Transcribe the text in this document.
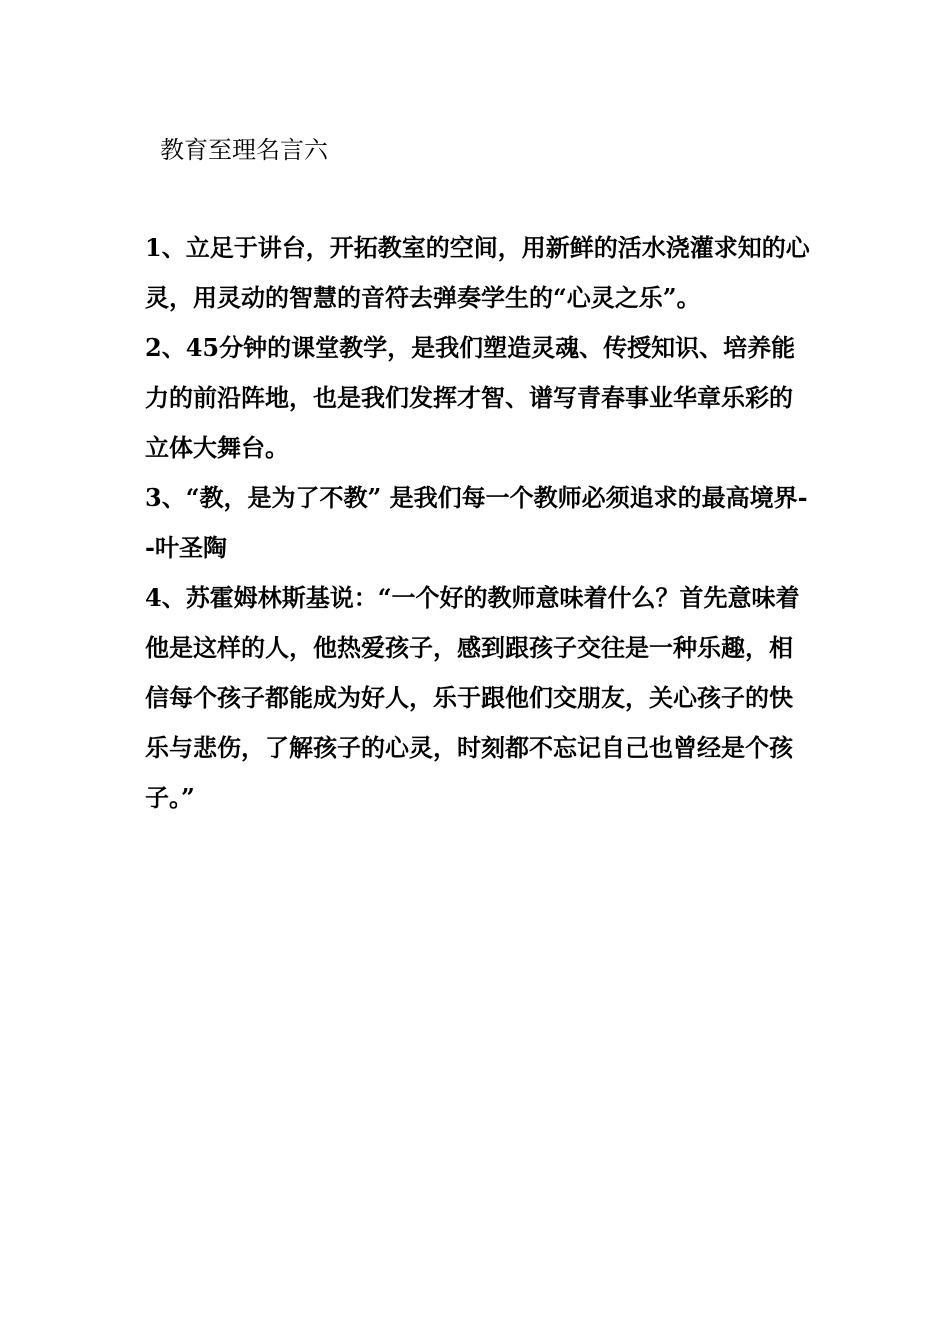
教育至理名言六

1、立足于讲台，开拓教室的空间，用新鲜的活水浇灌求知的心灵，用灵动的智慧的音符去弹奏学生的“心灵之乐”。

2、45分钟的课堂教学，是我们塑造灵魂、传授知识、培养能力的前沿阵地，也是我们发挥才智、谱写青春事业华章乐彩的立体大舞台。

3、“教，是为了不教” 是我们每一个教师必须追求的最高境界--叶圣陶

4、苏霍姆林斯基说：“一个好的教师意味着什么？首先意味着他是这样的人，他热爱孩子，感到跟孩子交往是一种乐趣，相信每个孩子都能成为好人，乐于跟他们交朋友，关心孩子的快乐与悲伤，了解孩子的心灵，时刻都不忘记自己也曾经是个孩子。”
